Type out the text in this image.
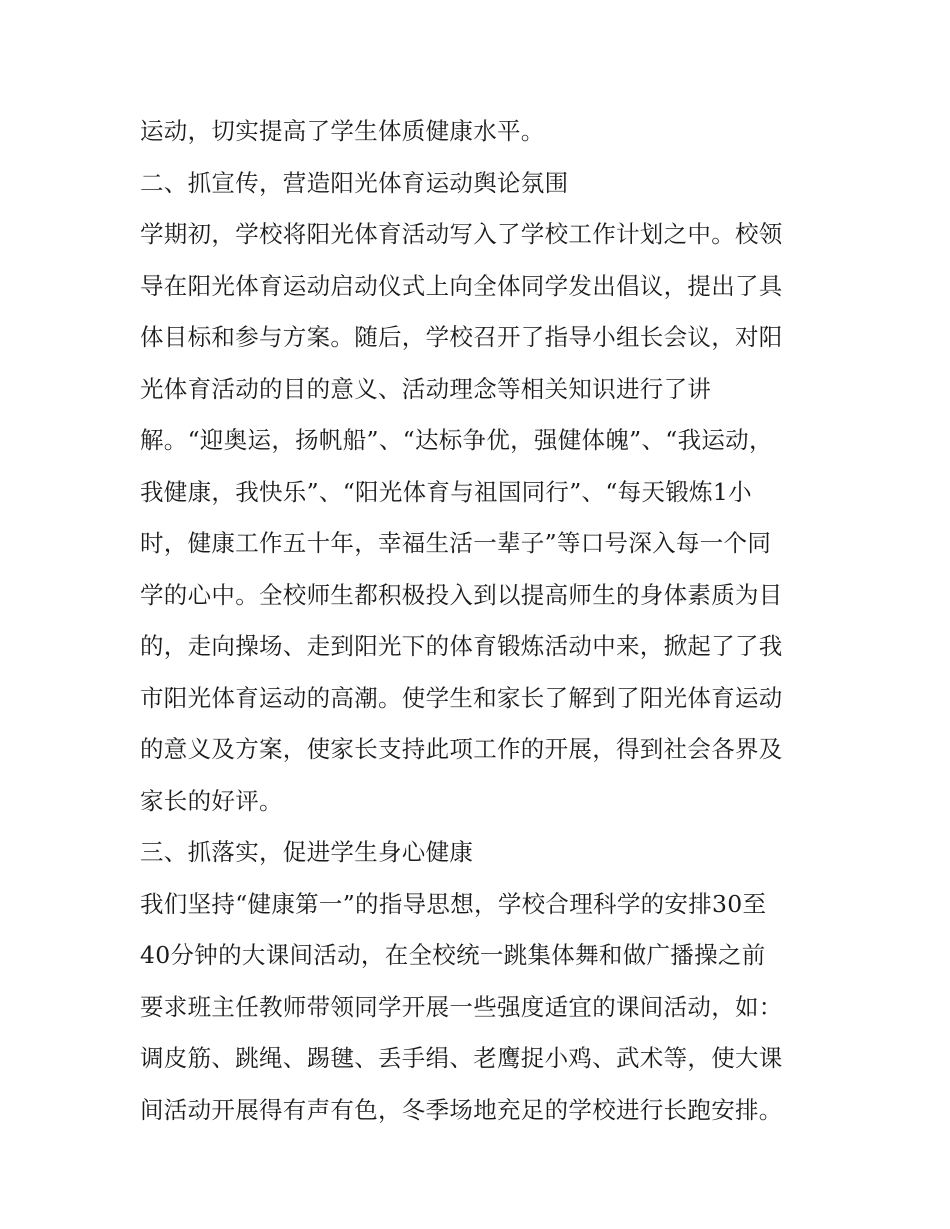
运动，切实提高了学生体质健康水平。
二、抓宣传，营造阳光体育运动舆论氛围
学期初，学校将阳光体育活动写入了学校工作计划之中。校领
导在阳光体育运动启动仪式上向全体同学发出倡议，提出了具
体目标和参与方案。随后，学校召开了指导小组长会议，对阳
光体育活动的目的意义、活动理念等相关知识进行了讲
解。“迎奥运，扬帆船”、“达标争优，强健体魄”、“我运动，
我健康，我快乐”、“阳光体育与祖国同行”、“每天锻炼1小
时，健康工作五十年，幸福生活一辈子”等口号深入每一个同
学的心中。全校师生都积极投入到以提高师生的身体素质为目
的，走向操场、走到阳光下的体育锻炼活动中来，掀起了了我
市阳光体育运动的高潮。使学生和家长了解到了阳光体育运动
的意义及方案，使家长支持此项工作的开展，得到社会各界及
家长的好评。
三、抓落实，促进学生身心健康
我们坚持“健康第一”的指导思想，学校合理科学的安排30至
40分钟的大课间活动，在全校统一跳集体舞和做广播操之前
要求班主任教师带领同学开展一些强度适宜的课间活动，如：
调皮筋、跳绳、踢毽、丢手绢、老鹰捉小鸡、武术等，使大课
间活动开展得有声有色，冬季场地充足的学校进行长跑安排。
